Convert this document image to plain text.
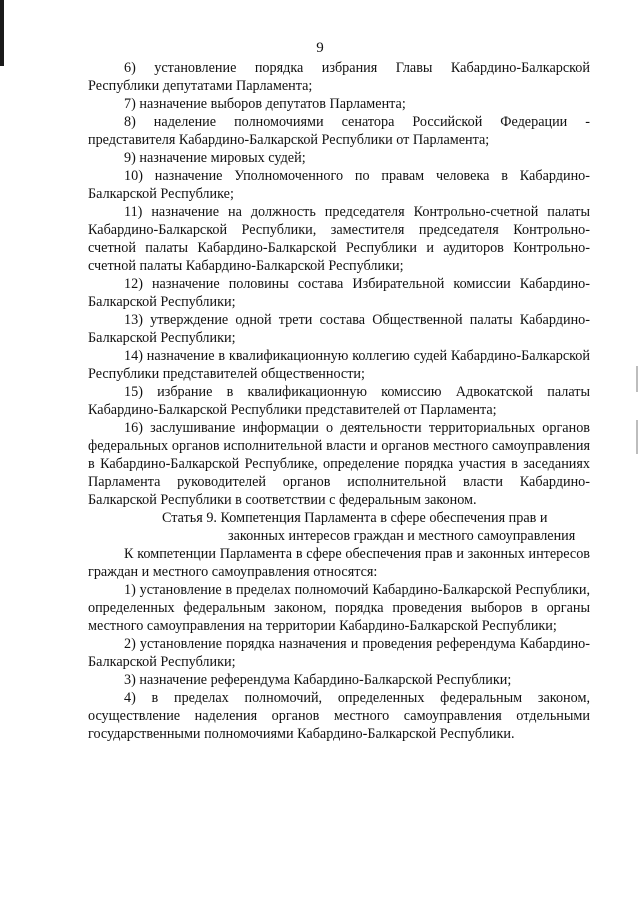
9

6) установление порядка избрания Главы Кабардино-Балкарской Республики депутатами Парламента;

7) назначение выборов депутатов Парламента;

8) наделение полномочиями сенатора Российской Федерации - представителя Кабардино-Балкарской Республики от Парламента;

9) назначение мировых судей;

10) назначение Уполномоченного по правам человека в Кабардино-Балкарской Республике;

11) назначение на должность председателя Контрольно-счетной палаты Кабардино-Балкарской Республики, заместителя председателя Контрольно-счетной палаты Кабардино-Балкарской Республики и аудиторов Контрольно-счетной палаты Кабардино-Балкарской Республики;

12) назначение половины состава Избирательной комиссии Кабардино-Балкарской Республики;

13) утверждение одной трети состава Общественной палаты Кабардино-Балкарской Республики;

14) назначение в квалификационную коллегию судей Кабардино-Балкарской Республики представителей общественности;

15) избрание в квалификационную комиссию Адвокатской палаты Кабардино-Балкарской Республики представителей от Парламента;

16) заслушивание информации о деятельности территориальных органов федеральных органов исполнительной власти и органов местного самоуправления в Кабардино-Балкарской Республике, определение порядка участия в заседаниях Парламента руководителей органов исполнительной власти Кабардино-Балкарской Республики в соответствии с федеральным законом.

Статья 9. Компетенция Парламента в сфере обеспечения прав и
законных интересов граждан и местного самоуправления

К компетенции Парламента в сфере обеспечения прав и законных интересов граждан и местного самоуправления относятся:

1) установление в пределах полномочий Кабардино-Балкарской Республики, определенных федеральным законом, порядка проведения выборов в органы местного самоуправления на территории Кабардино-Балкарской Республики;

2) установление порядка назначения и проведения референдума Кабардино-Балкарской Республики;

3) назначение референдума Кабардино-Балкарской Республики;

4) в пределах полномочий, определенных федеральным законом, осуществление наделения органов местного самоуправления отдельными государственными полномочиями Кабардино-Балкарской Республики.
